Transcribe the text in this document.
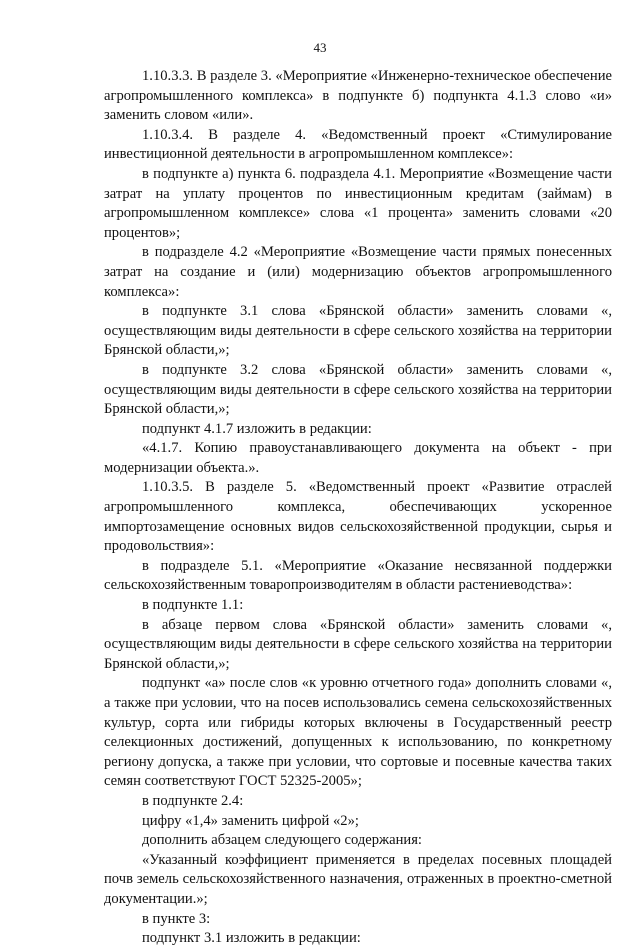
43

1.10.3.3. В разделе 3. «Мероприятие «Инженерно-техническое обеспечение агропромышленного комплекса» в подпункте б) подпункта 4.1.3 слово «и» заменить словом «или».

1.10.3.4. В разделе 4. «Ведомственный проект «Стимулирование инвестиционной деятельности в агропромышленном комплексе»:

в подпункте а) пункта 6. подраздела 4.1. Мероприятие «Возмещение части затрат на уплату процентов по инвестиционным кредитам (займам) в агропромышленном комплексе» слова «1 процента» заменить словами «20 процентов»;

в подразделе 4.2 «Мероприятие «Возмещение части прямых понесенных затрат на создание и (или) модернизацию объектов агропромышленного комплекса»:

в подпункте 3.1 слова «Брянской области» заменить словами «, осуществляющим виды деятельности в сфере сельского хозяйства на территории Брянской области,»;

в подпункте 3.2 слова «Брянской области» заменить словами «, осуществляющим виды деятельности в сфере сельского хозяйства на территории Брянской области,»;

подпункт 4.1.7 изложить в редакции:

«4.1.7. Копию правоустанавливающего документа на объект - при модернизации объекта.».

1.10.3.5. В разделе 5. «Ведомственный проект «Развитие отраслей агропромышленного комплекса, обеспечивающих ускоренное импортозамещение основных видов сельскохозяйственной продукции, сырья и продовольствия»:

в подразделе 5.1. «Мероприятие «Оказание несвязанной поддержки сельскохозяйственным товаропроизводителям в области растениеводства»:

в подпункте 1.1:

в абзаце первом слова «Брянской области» заменить словами «, осуществляющим виды деятельности в сфере сельского хозяйства на территории Брянской области,»;

подпункт «а» после слов «к уровню отчетного года» дополнить словами «, а также при условии, что на посев использовались семена сельскохозяйственных культур, сорта или гибриды которых включены в Государственный реестр селекционных достижений, допущенных к использованию, по конкретному региону допуска, а также при условии, что сортовые и посевные качества таких семян соответствуют ГОСТ 52325-2005»;

в подпункте 2.4:

цифру «1,4» заменить цифрой «2»;

дополнить абзацем следующего содержания:

«Указанный коэффициент применяется в пределах посевных площадей почв земель сельскохозяйственного назначения, отраженных в проектно-сметной документации.»;

в пункте 3:

подпункт 3.1 изложить в редакции:
